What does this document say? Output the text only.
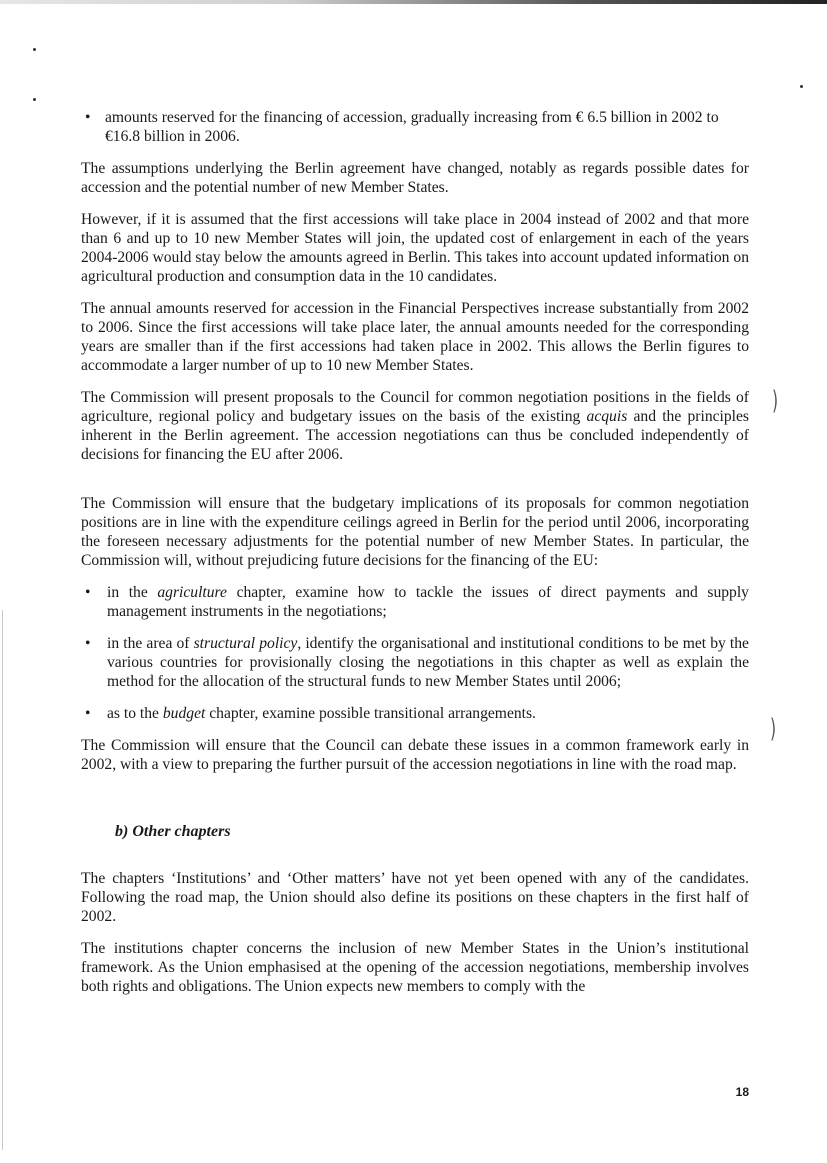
)
)
• amounts reserved for the financing of accession, gradually increasing from € 6.5 billion in 2002 to €16.8 billion in 2006.

The assumptions underlying the Berlin agreement have changed, notably as regards possible dates for accession and the potential number of new Member States.

However, if it is assumed that the first accessions will take place in 2004 instead of 2002 and that more than 6 and up to 10 new Member States will join, the updated cost of enlargement in each of the years 2004-2006 would stay below the amounts agreed in Berlin. This takes into account updated information on agricultural production and consumption data in the 10 candidates.

The annual amounts reserved for accession in the Financial Perspectives increase substantially from 2002 to 2006. Since the first accessions will take place later, the annual amounts needed for the corresponding years are smaller than if the first accessions had taken place in 2002. This allows the Berlin figures to accommodate a larger number of up to 10 new Member States.

The Commission will present proposals to the Council for common negotiation positions in the fields of agriculture, regional policy and budgetary issues on the basis of the existing acquis and the principles inherent in the Berlin agreement. The accession negotiations can thus be concluded independently of decisions for financing the EU after 2006.

The Commission will ensure that the budgetary implications of its proposals for common negotiation positions are in line with the expenditure ceilings agreed in Berlin for the period until 2006, incorporating the foreseen necessary adjustments for the potential number of new Member States. In particular, the Commission will, without prejudicing future decisions for the financing of the EU:

• in the agriculture chapter, examine how to tackle the issues of direct payments and supply management instruments in the negotiations;
• in the area of structural policy, identify the organisational and institutional conditions to be met by the various countries for provisionally closing the negotiations in this chapter as well as explain the method for the allocation of the structural funds to new Member States until 2006;
• as to the budget chapter, examine possible transitional arrangements.

The Commission will ensure that the Council can debate these issues in a common framework early in 2002, with a view to preparing the further pursuit of the accession negotiations in line with the road map.

b) Other chapters

The chapters ‘Institutions’ and ‘Other matters’ have not yet been opened with any of the candidates. Following the road map, the Union should also define its positions on these chapters in the first half of 2002.

The institutions chapter concerns the inclusion of new Member States in the Union’s institutional framework. As the Union emphasised at the opening of the accession negotiations, membership involves both rights and obligations. The Union expects new members to comply with the

18
